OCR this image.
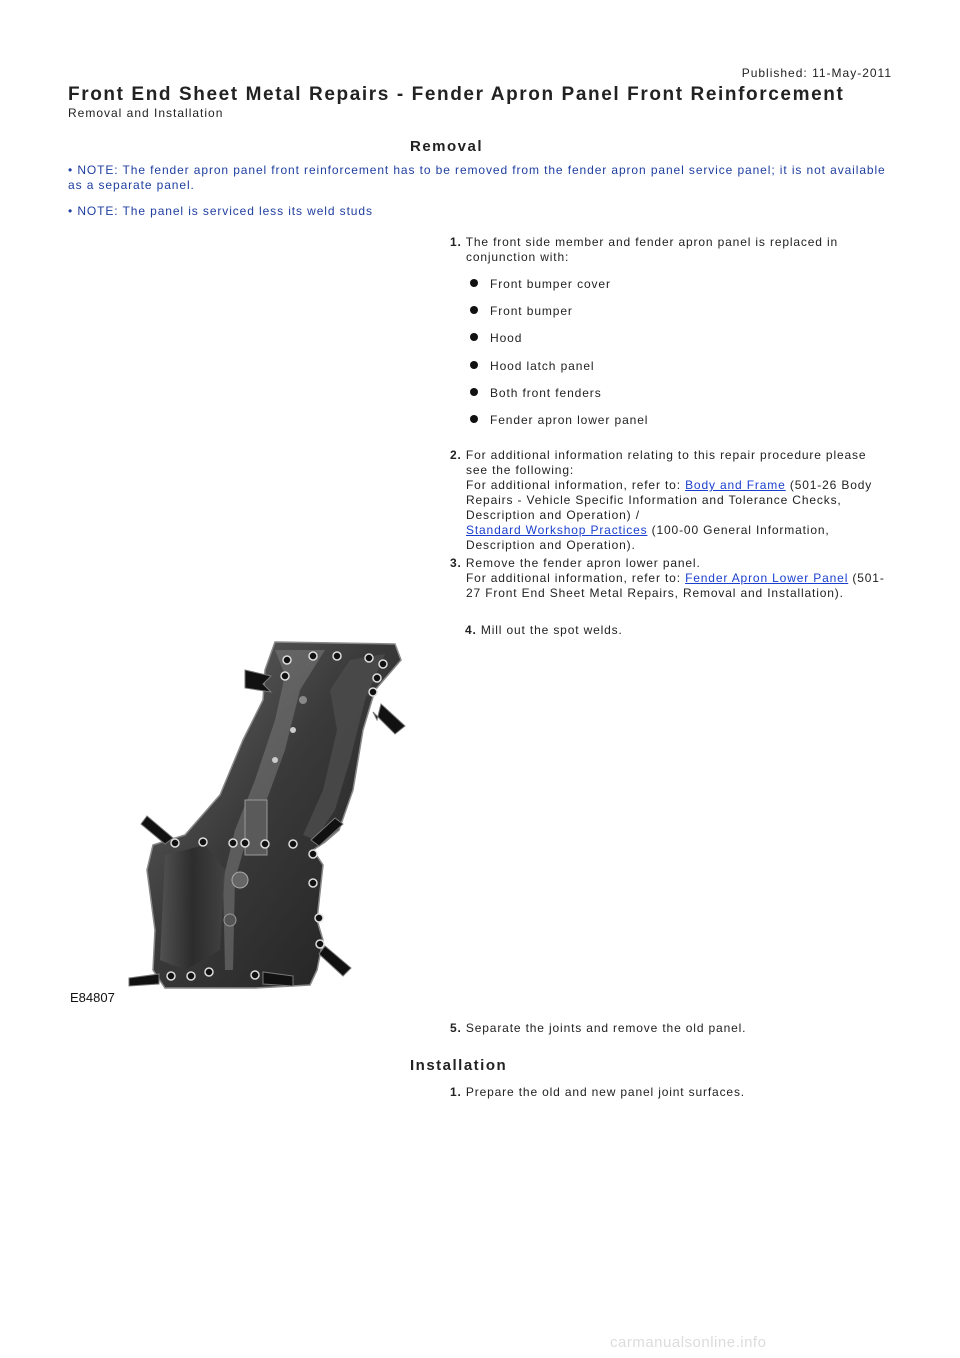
Published: 11-May-2011
Front End Sheet Metal Repairs - Fender Apron Panel Front Reinforcement
Removal and Installation
Removal
• NOTE: The fender apron panel front reinforcement has to be removed from the fender apron panel service panel; it is not available as a separate panel.
• NOTE: The panel is serviced less its weld studs
1. The front side member and fender apron panel is replaced in conjunction with:
Front bumper cover
Front bumper
Hood
Hood latch panel
Both front fenders
Fender apron lower panel
2. For additional information relating to this repair procedure please see the following:
For additional information, refer to: Body and Frame (501-26 Body Repairs - Vehicle Specific Information and Tolerance Checks, Description and Operation) /
Standard Workshop Practices (100-00 General Information, Description and Operation).
3. Remove the fender apron lower panel.
For additional information, refer to: Fender Apron Lower Panel (501-27 Front End Sheet Metal Repairs, Removal and Installation).
4. Mill out the spot welds.
E84807
5. Separate the joints and remove the old panel.
Installation
1. Prepare the old and new panel joint surfaces.
carmanualsonline.info
